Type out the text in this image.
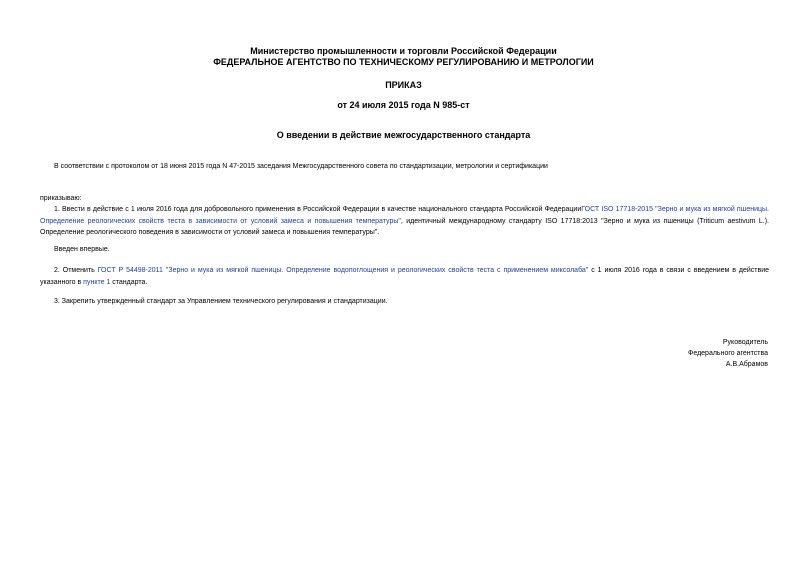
Министерство промышленности и торговли Российской Федерации
ФЕДЕРАЛЬНОЕ АГЕНТСТВО ПО ТЕХНИЧЕСКОМУ РЕГУЛИРОВАНИЮ И МЕТРОЛОГИИ
ПРИКАЗ
от 24 июля 2015 года N 985-ст
О введении в действие межгосударственного стандарта
В соответствии с протоколом от 18 июня 2015 года N 47-2015 заседания Межгосударственного совета по стандартизации, метрологии и сертификации
приказываю:
1. Ввести в действие с 1 июля 2016 года для добровольного применения в Российской Федерации в качестве национального стандарта Российской ФедерацииГОСТ ISO 17718-2015 "Зерно и мука из мягкой пшеницы. Определение реологических свойств теста в зависимости от условий замеса и повышения температуры", идентичный международному стандарту ISO 17718:2013 "Зерно и мука из пшеницы (Triticum aestivum L.). Определение реологического поведения в зависимости от условий замеса и повышения температуры".
Введен впервые.
2. Отменить ГОСТ Р 54498-2011 "Зерно и мука из мягкой пшеницы. Определение водопоглощения и реологических свойств теста с применением миксолаба" с 1 июля 2016 года в связи с введением в действие указанного в пункте 1 стандарта.
3. Закрепить утвержденный стандарт за Управлением технического регулирования и стандартизации.
Руководитель
Федерального агентства
А.В.Абрамов
